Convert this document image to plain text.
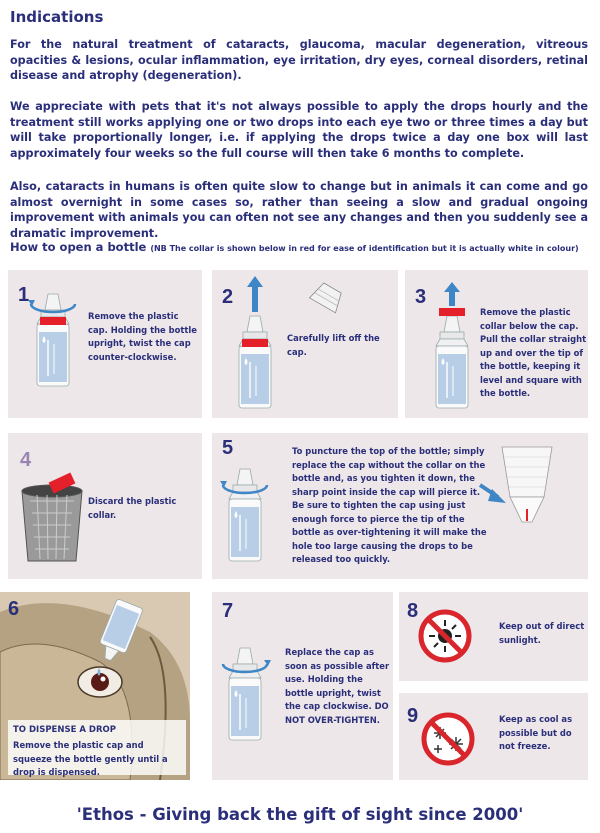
Indications
For the natural treatment of cataracts, glaucoma, macular degeneration, vitreous opacities & lesions, ocular inflammation, eye irritation, dry eyes, corneal disorders, retinal disease and atrophy (degeneration).
We appreciate with pets that it's not always possible to apply the drops hourly and the treatment still works applying one or two drops into each eye two or three times a day but will take proportionally longer, i.e. if applying the drops twice a day one box will last approximately four weeks so the full course will then take 6 months to complete.
Also, cataracts in humans is often quite slow to change but in animals it can come and go almost overnight in some cases so, rather than seeing a slow and gradual ongoing improvement with animals you can often not see any changes and then you suddenly see a dramatic improvement.
How to open a bottle (NB The collar is shown below in red for ease of identification but it is actually white in colour)
1
Remove the plastic cap. Holding the bottle upright, twist the cap counter-clockwise.
2
Carefully lift off the cap.
3
Remove the plastic collar below the cap. Pull the collar straight up and over the tip of the bottle, keeping it level and square with the bottle.
4
Discard the plastic collar.
5	To puncture the top of the bottle; simply replace the cap without the collar on the bottle and, as you tighten it down, the sharp point inside the cap will pierce it. Be sure to tighten the cap using just enough force to pierce the tip of the bottle as over-tightening it will make the hole too large causing the drops to be released too quickly.
6
TO DISPENSE A DROP
Remove the plastic cap and squeeze the bottle gently until a drop is dispensed.
7
Replace the cap as soon as possible after use. Holding the bottle upright, twist the cap clockwise. DO NOT OVER-TIGHTEN.
8
Keep out of direct sunlight.
9	Keep as cool as possible but do not freeze.
'Ethos - Giving back the gift of sight since 2000'
